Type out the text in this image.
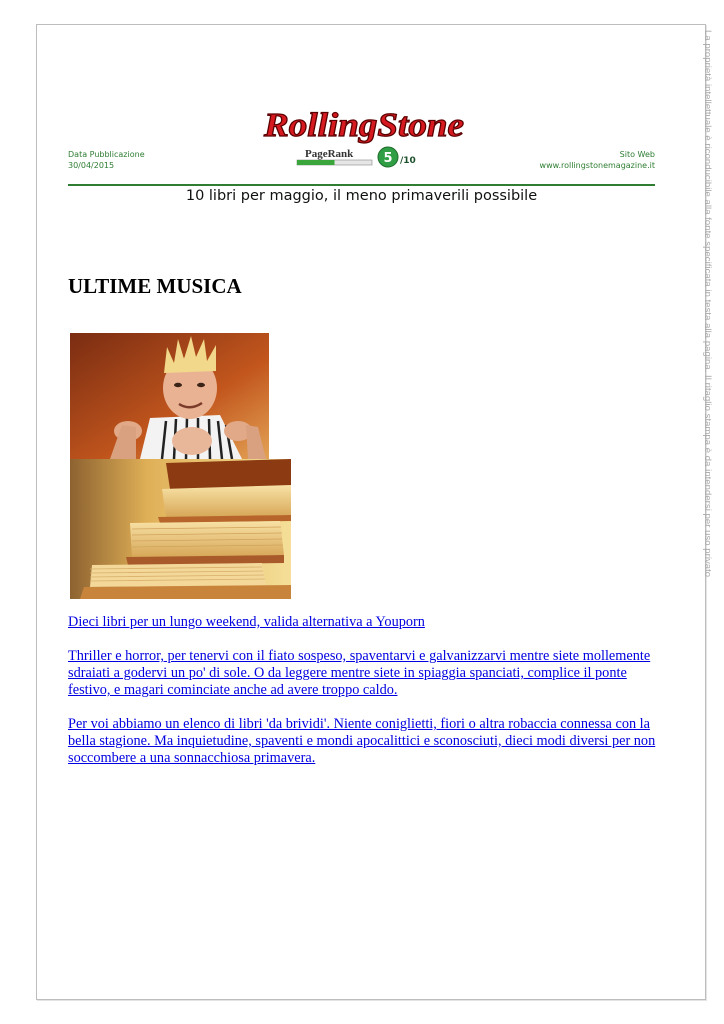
La proprietà intellettuale è riconducibile alla fonte specificata in testa alla pagina. Il ritaglio stampa è da intendersi per uso privato
Data Pubblicazione
30/04/2015
RollingStone
PageRank 5 /10
Sito Web
www.rollingstonemagazine.it
10 libri per maggio, il meno primaverili possibile
ULTIME MUSICA

Dieci libri per un lungo weekend, valida alternativa a Youporn

Thriller e horror, per tenervi con il fiato sospeso, spaventarvi e galvanizzarvi mentre siete mollemente sdraiati a godervi un po' di sole. O da leggere mentre siete in spiaggia spanciati, complice il ponte festivo, e magari cominciate anche ad avere troppo caldo.

Per voi abbiamo un elenco di libri 'da brividi'. Niente coniglietti, fiori o altra robaccia connessa con la bella stagione. Ma inquietudine, spaventi e mondi apocalittici e sconosciuti, dieci modi diversi per non soccombere a una sonnacchiosa primavera.
